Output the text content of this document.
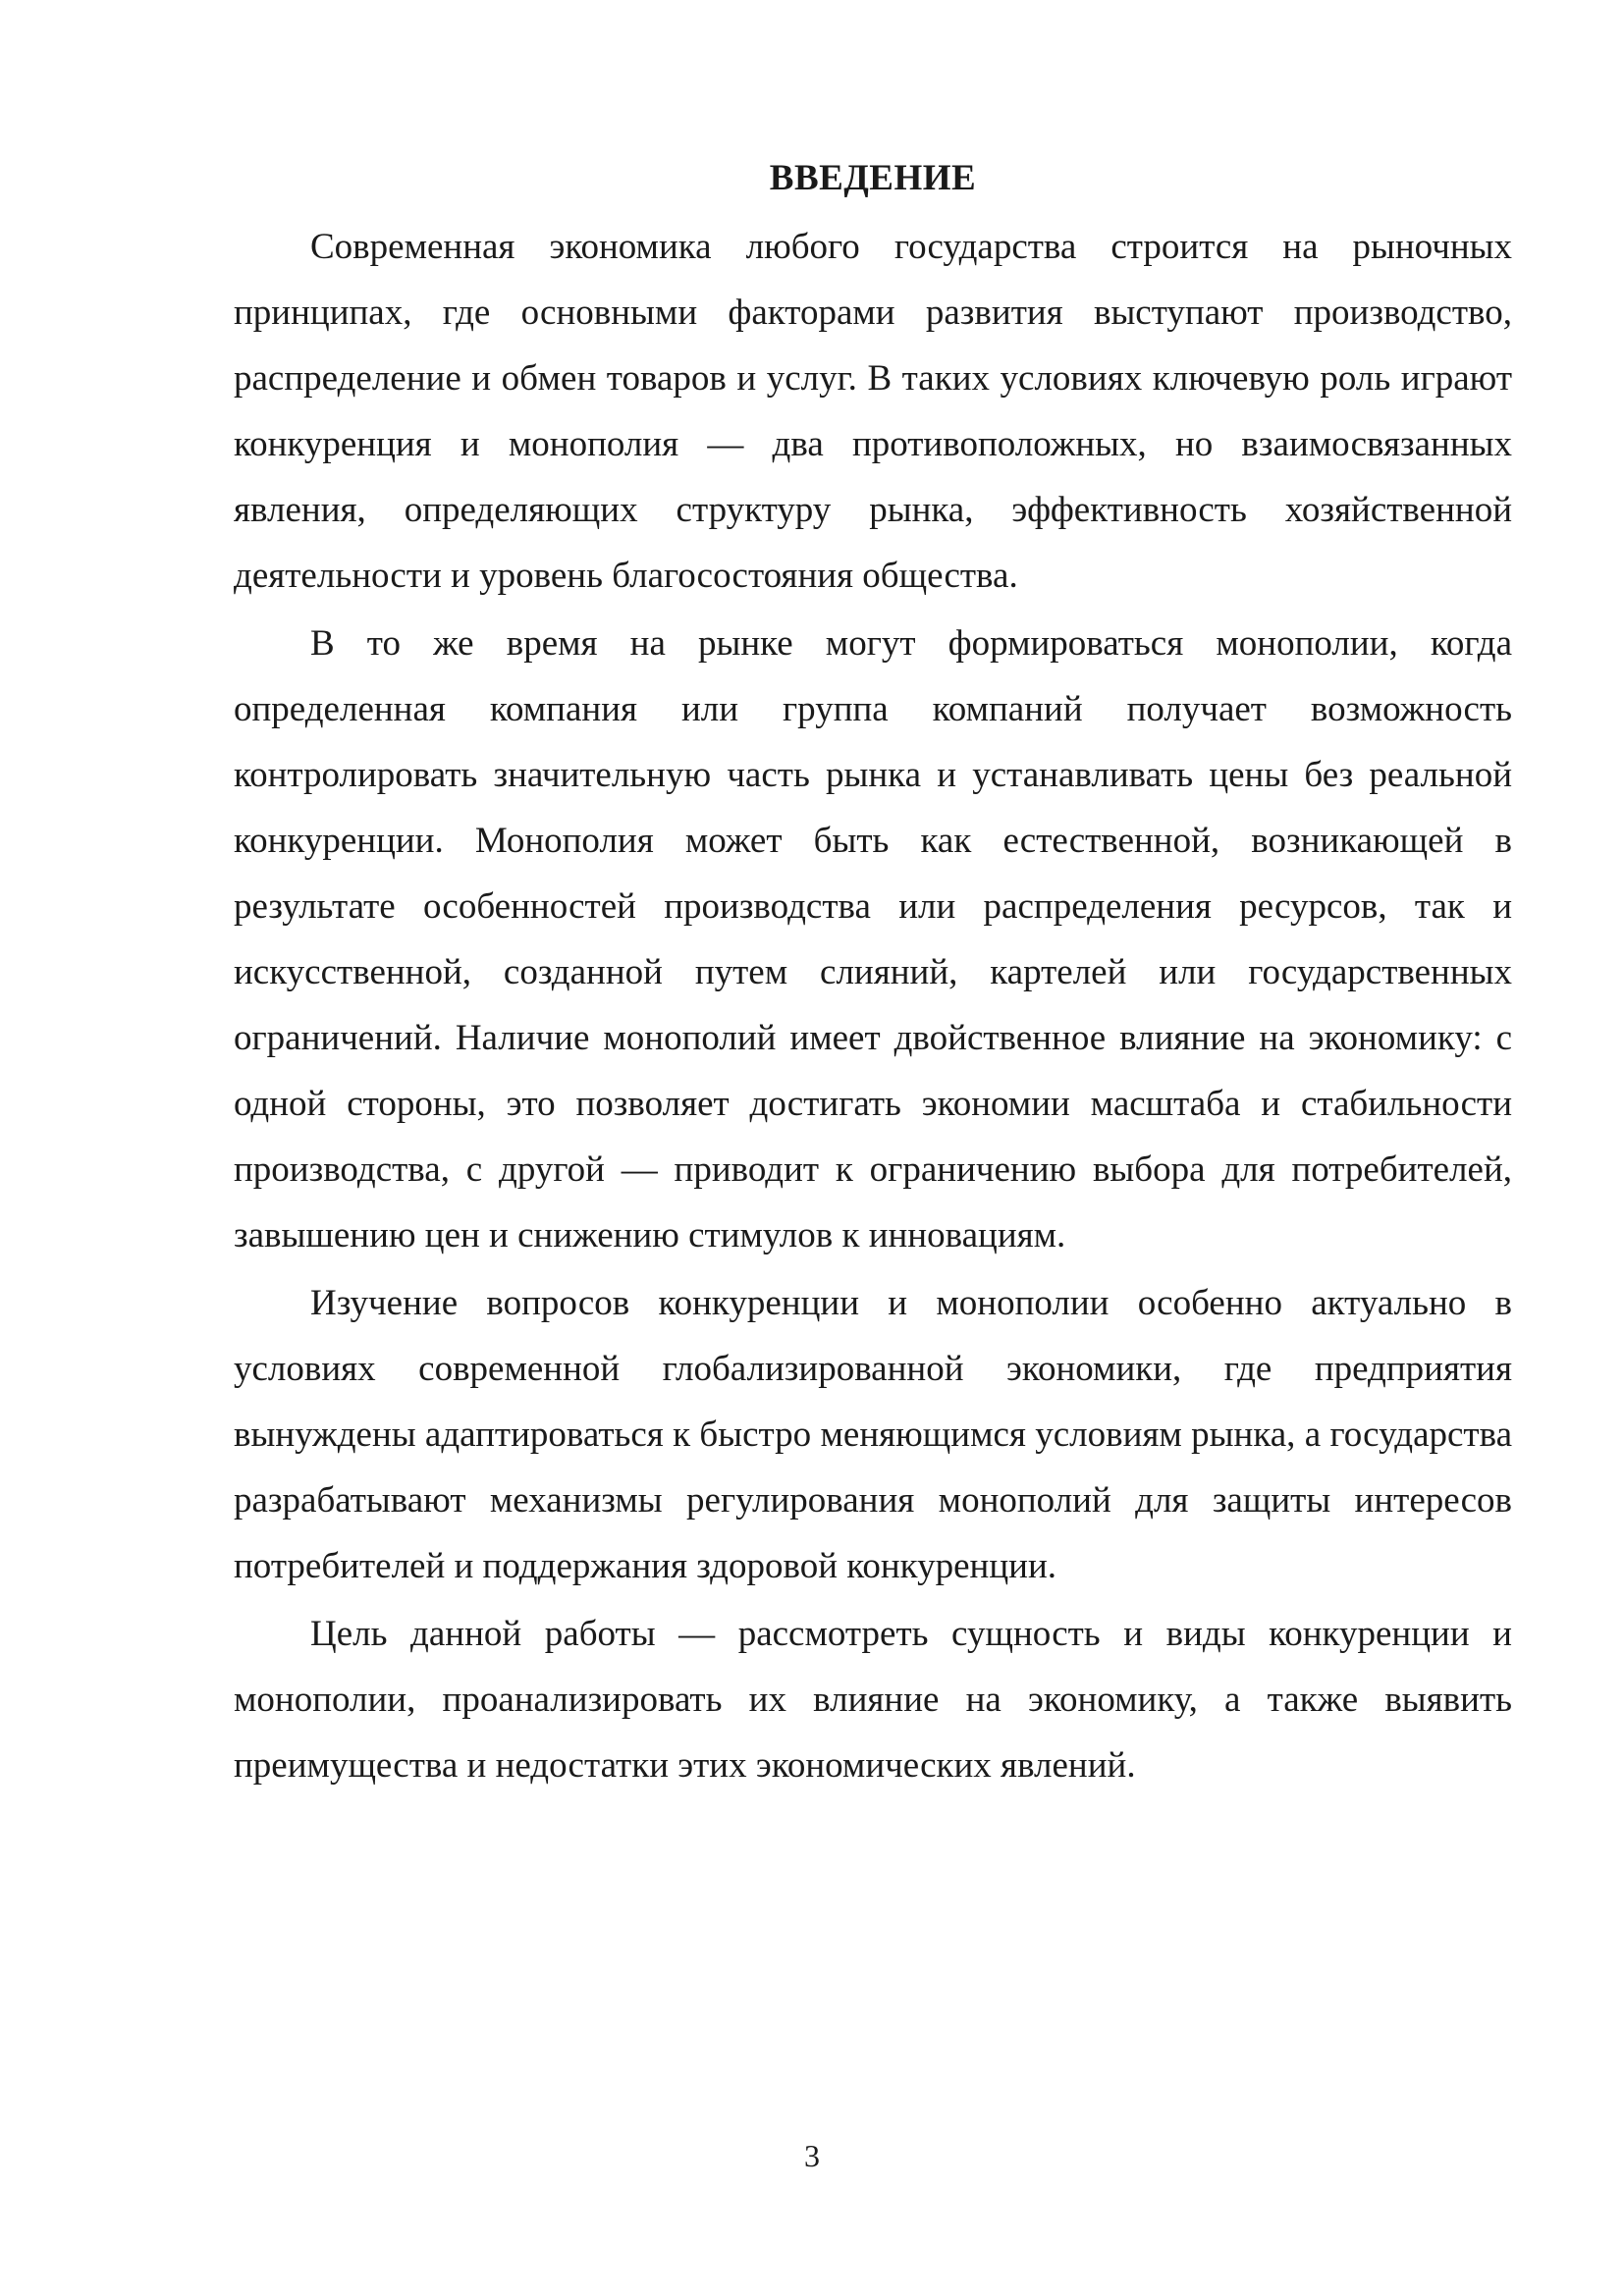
ВВЕДЕНИЕ

Современная экономика любого государства строится на рыночных принципах, где основными факторами развития выступают производство, распределение и обмен товаров и услуг. В таких условиях ключевую роль играют конкуренция и монополия — два противоположных, но взаимосвязанных явления, определяющих структуру рынка, эффективность хозяйственной деятельности и уровень благосостояния общества.

В то же время на рынке могут формироваться монополии, когда определенная компания или группа компаний получает возможность контролировать значительную часть рынка и устанавливать цены без реальной конкуренции. Монополия может быть как естественной, возникающей в результате особенностей производства или распределения ресурсов, так и искусственной, созданной путем слияний, картелей или государственных ограничений. Наличие монополий имеет двойственное влияние на экономику: с одной стороны, это позволяет достигать экономии масштаба и стабильности производства, с другой — приводит к ограничению выбора для потребителей, завышению цен и снижению стимулов к инновациям.

Изучение вопросов конкуренции и монополии особенно актуально в условиях современной глобализированной экономики, где предприятия вынуждены адаптироваться к быстро меняющимся условиям рынка, а государства разрабатывают механизмы регулирования монополий для защиты интересов потребителей и поддержания здоровой конкуренции.

Цель данной работы — рассмотреть сущность и виды конкуренции и монополии, проанализировать их влияние на экономику, а также выявить преимущества и недостатки этих экономических явлений.

3
